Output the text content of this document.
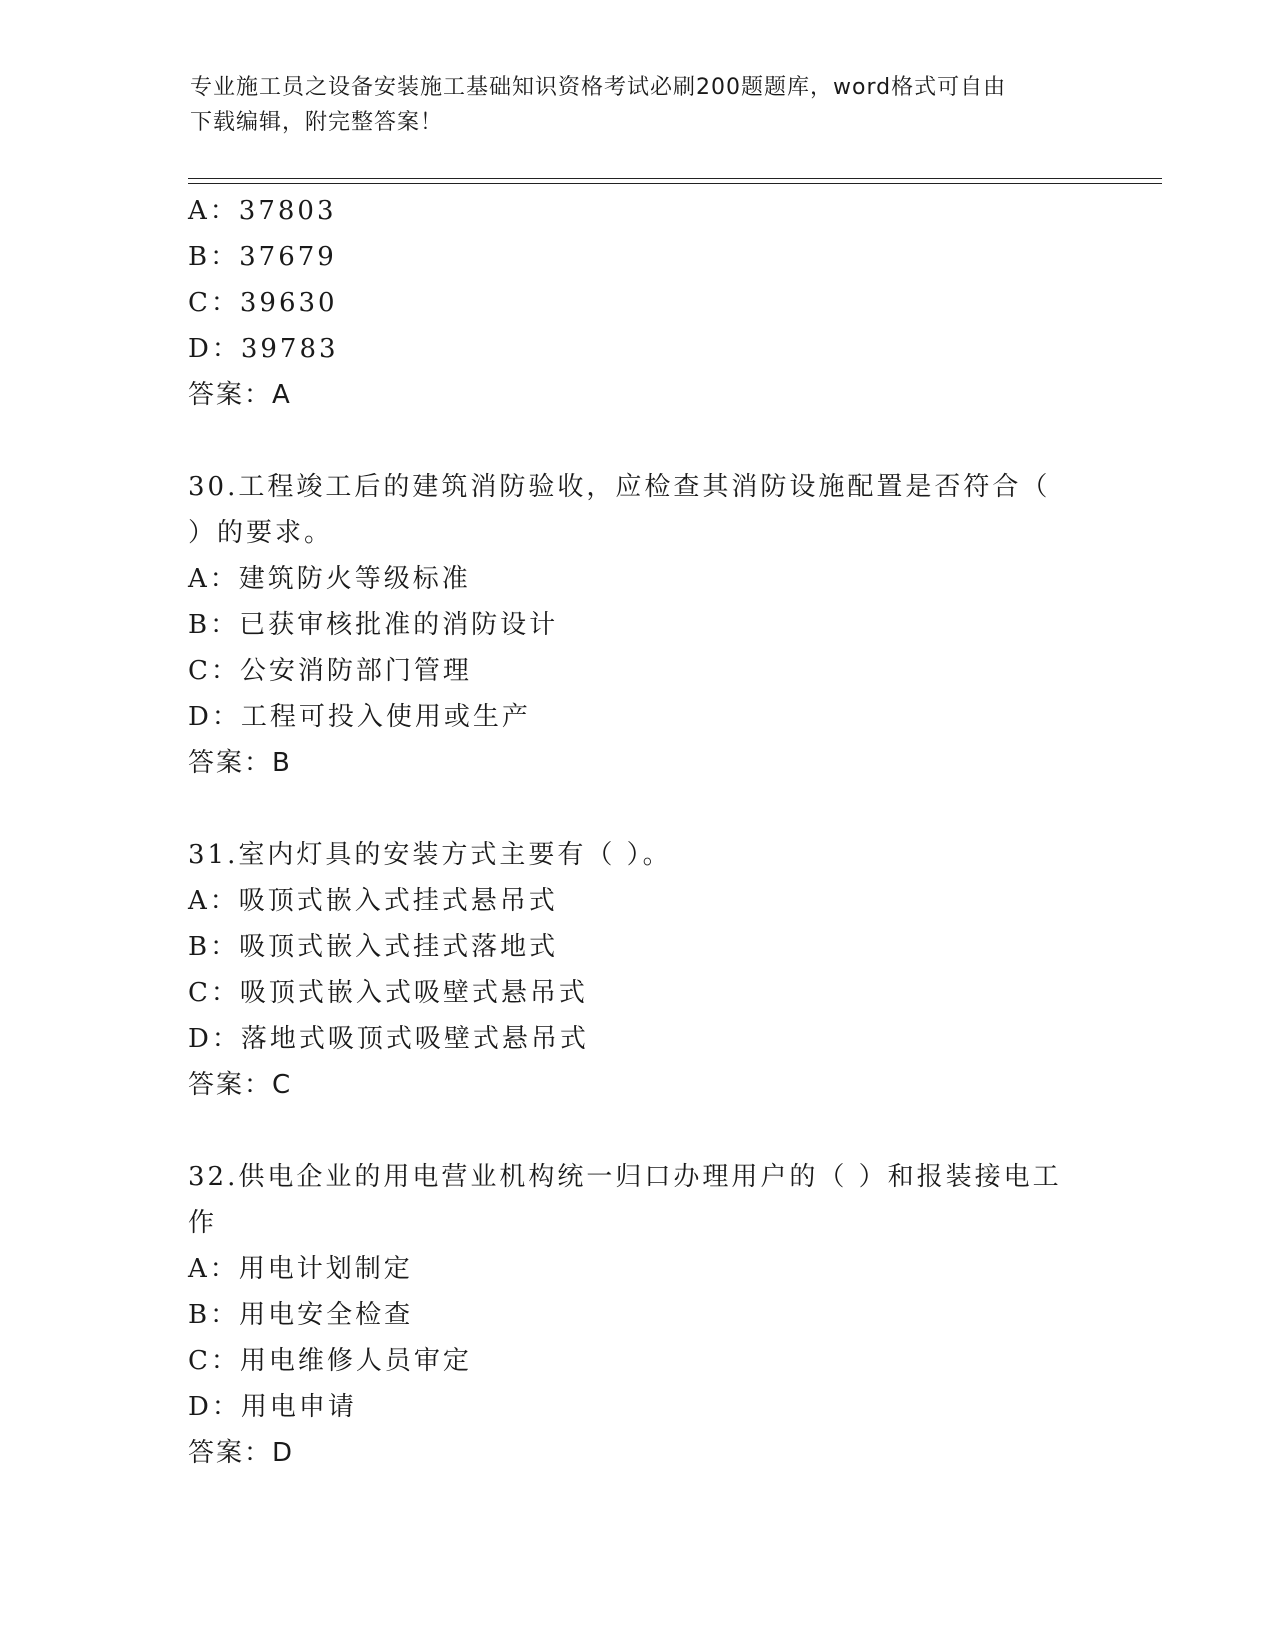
专业施工员之设备安装施工基础知识资格考试必刷200题题库，word格式可自由
下载编辑，附完整答案！
A：37803
B：37679
C：39630
D：39783
答案：A
30.工程竣工后的建筑消防验收，应检查其消防设施配置是否符合（
）的要求。
A：建筑防火等级标准
B：已获审核批准的消防设计
C：公安消防部门管理
D：工程可投入使用或生产
答案：B
31.室内灯具的安装方式主要有（ ）。
A：吸顶式嵌入式挂式悬吊式
B：吸顶式嵌入式挂式落地式
C：吸顶式嵌入式吸壁式悬吊式
D：落地式吸顶式吸壁式悬吊式
答案：C
32.供电企业的用电营业机构统一归口办理用户的（ ）和报装接电工
作
A：用电计划制定
B：用电安全检查
C：用电维修人员审定
D：用电申请
答案：D
